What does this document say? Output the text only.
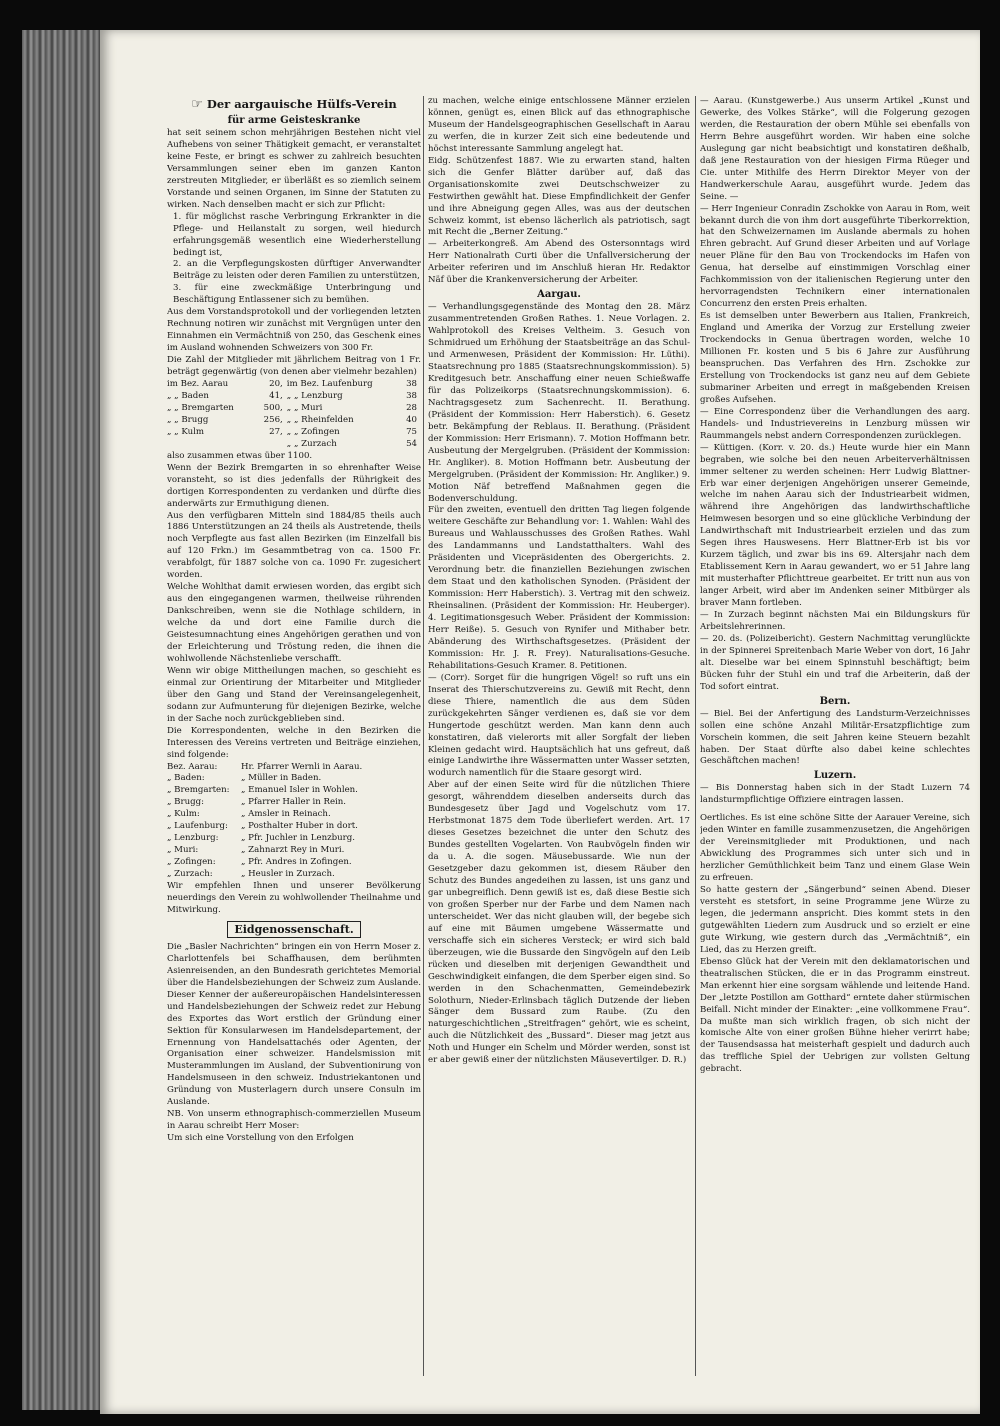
☞ Der aargauische Hülfs-Verein
für arme Geisteskranke

hat seit seinem schon mehrjährigen Bestehen nicht viel Aufhebens von seiner Thätigkeit gemacht, er veranstaltet keine Feste, er bringt es schwer zu zahlreich besuchten Versammlungen seiner eben im ganzen Kanton zerstreuten Mitglieder, er überläßt es so ziemlich seinem Vorstande und seinen Organen, im Sinne der Statuten zu wirken. Nach denselben macht er sich zur Pflicht:

1. für möglichst rasche Verbringung Erkrankter in die Pflege- und Heilanstalt zu sorgen, weil hiedurch erfahrungsgemäß wesentlich eine Wiederherstellung bedingt ist,

2. an die Verpflegungskosten dürftiger Anverwandter Beiträge zu leisten oder deren Familien zu unterstützen,

3. für eine zweckmäßige Unterbringung und Beschäftigung Entlassener sich zu bemühen.

Aus dem Vorstandsprotokoll und der vorliegenden letzten Rechnung notiren wir zunächst mit Vergnügen unter den Einnahmen ein Vermächtniß von 250, das Geschenk eines im Ausland wohnenden Schweizers von 300 Fr.

Die Zahl der Mitglieder mit jährlichem Beitrag von 1 Fr. beträgt gegenwärtig (von denen aber vielmehr bezahlen)

im Bez. Aarau	20,	im Bez. Laufenburg	38
„ „ Baden	41,	„ „ Lenzburg	38
„ „ Bremgarten	500,	„ „ Muri	28
„ „ Brugg	256,	„ „ Rheinfelden	40
„ „ Kulm	27,	„ „ Zofingen	75
		„ „ Zurzach	54

also zusammen etwas über 1100.

Wenn der Bezirk Bremgarten in so ehrenhafter Weise voransteht, so ist dies jedenfalls der Rührigkeit des dortigen Korrespondenten zu verdanken und dürfte dies anderwärts zur Ermuthigung dienen.

Aus den verfügbaren Mitteln sind 1884/85 theils auch 1886 Unterstützungen an 24 theils als Austretende, theils noch Verpflegte aus fast allen Bezirken (im Einzelfall bis auf 120 Frkn.) im Gesammtbetrag von ca. 1500 Fr. verabfolgt, für 1887 solche von ca. 1090 Fr. zugesichert worden.

Welche Wohlthat damit erwiesen worden, das ergibt sich aus den eingegangenen warmen, theilweise rührenden Dankschreiben, wenn sie die Nothlage schildern, in welche da und dort eine Familie durch die Geistesumnachtung eines Angehörigen gerathen und von der Erleichterung und Tröstung reden, die ihnen die wohlwollende Nächstenliebe verschafft.

Wenn wir obige Mittheilungen machen, so geschieht es einmal zur Orientirung der Mitarbeiter und Mitglieder über den Gang und Stand der Vereinsangelegenheit, sodann zur Aufmunterung für diejenigen Bezirke, welche in der Sache noch zurückgeblieben sind.

Die Korrespondenten, welche in den Bezirken die Interessen des Vereins vertreten und Beiträge einziehen, sind folgende:

Bez. Aarau:	Hr. Pfarrer Wernli in Aarau.
„ Baden:	„ Müller in Baden.
„ Bremgarten:	„ Emanuel Isler in Wohlen.
„ Brugg:	„ Pfarrer Haller in Rein.
„ Kulm:	„ Amsler in Reinach.
„ Laufenburg:	„ Posthalter Huber in dort.
„ Lenzburg:	„ Pfr. Juchler in Lenzburg.
„ Muri:	„ Zahnarzt Rey in Muri.
„ Zofingen:	„ Pfr. Andres in Zofingen.
„ Zurzach:	„ Heusler in Zurzach.

Wir empfehlen Ihnen und unserer Bevölkerung neuerdings den Verein zu wohlwollender Theilnahme und Mitwirkung.

Eidgenossenschaft.

Die „Basler Nachrichten“ bringen ein von Herrn Moser z. Charlottenfels bei Schaffhausen, dem berühmten Asienreisenden, an den Bundesrath gerichtetes Memorial über die Handelsbeziehungen der Schweiz zum Auslande. Dieser Kenner der außereuropäischen Handelsinteressen und Handelsbeziehungen der Schweiz redet zur Hebung des Exportes das Wort erstlich der Gründung einer Sektion für Konsularwesen im Handelsdepartement, der Ernennung von Handelsattachés oder Agenten, der Organisation einer schweizer. Handelsmission mit Musterammlungen im Ausland, der Subventionirung von Handelsmuseen in den schweiz. Industriekantonen und Gründung von Musterlagern durch unsere Consuln im Auslande.

NB. Von unserm ethnographisch-commerziellen Museum in Aarau schreibt Herr Moser:

Um sich eine Vorstellung von den Erfolgen

zu machen, welche einige entschlossene Männer erzielen können, genügt es, einen Blick auf das ethnographische Museum der Handelsgeographischen Gesellschaft in Aarau zu werfen, die in kurzer Zeit sich eine bedeutende und höchst interessante Sammlung angelegt hat.

Eidg. Schützenfest 1887. Wie zu erwarten stand, halten sich die Genfer Blätter darüber auf, daß das Organisationskomite zwei Deutschschweizer zu Festwirthen gewählt hat. Diese Empfindlichkeit der Genfer und ihre Abneigung gegen Alles, was aus der deutschen Schweiz kommt, ist ebenso lächerlich als patriotisch, sagt mit Recht die „Berner Zeitung.“

— Arbeiterkongreß. Am Abend des Ostersonntags wird Herr Nationalrath Curti über die Unfallversicherung der Arbeiter referiren und im Anschluß hieran Hr. Redaktor Näf über die Krankenversicherung der Arbeiter.

Aargau.

— Verhandlungsgegenstände des Montag den 28. März zusammentretenden Großen Rathes. 1. Neue Vorlagen. 2. Wahlprotokoll des Kreises Veltheim. 3. Gesuch von Schmidrued um Erhöhung der Staatsbeiträge an das Schul- und Armenwesen, Präsident der Kommission: Hr. Lüthi). Staatsrechnung pro 1885 (Staatsrechnungskommission). 5) Kreditgesuch betr. Anschaffung einer neuen Schießwaffe für das Polizeikorps (Staatsrechnungskommission). 6. Nachtragsgesetz zum Sachenrecht. II. Berathung. (Präsident der Kommission: Herr Haberstich). 6. Gesetz betr. Bekämpfung der Reblaus. II. Berathung. (Präsident der Kommission: Herr Erismann). 7. Motion Hoffmann betr. Ausbeutung der Mergelgruben. (Präsident der Kommission: Hr. Angliker). 8. Motion Hoffmann betr. Ausbeutung der Mergelgruben. (Präsident der Kommission: Hr. Angliker.) 9. Motion Näf betreffend Maßnahmen gegen die Bodenverschuldung.

Für den zweiten, eventuell den dritten Tag liegen folgende weitere Geschäfte zur Behandlung vor: 1. Wahlen: Wahl des Bureaus und Wahlausschusses des Großen Rathes. Wahl des Landammanns und Landstatthalters. Wahl des Präsidenten und Vicepräsidenten des Obergerichts. 2. Verordnung betr. die finanziellen Beziehungen zwischen dem Staat und den katholischen Synoden. (Präsident der Kommission: Herr Haberstich). 3. Vertrag mit den schweiz. Rheinsalinen. (Präsident der Kommission: Hr. Heuberger). 4. Legitimationsgesuch Weber. Präsident der Kommission: Herr Reiße). 5. Gesuch von Rynifer und Mithaber betr. Abänderung des Wirthschaftsgesetzes. (Präsident der Kommission: Hr. J. R. Frey). Naturalisations-Gesuche. Rehabilitations-Gesuch Kramer. 8. Petitionen.

— (Corr). Sorget für die hungrigen Vögel! so ruft uns ein Inserat des Thierschutzvereins zu. Gewiß mit Recht, denn diese Thiere, namentlich die aus dem Süden zurückgekehrten Sänger verdienen es, daß sie vor dem Hungertode geschützt werden. Man kann denn auch konstatiren, daß vielerorts mit aller Sorgfalt der lieben Kleinen gedacht wird. Hauptsächlich hat uns gefreut, daß einige Landwirthe ihre Wässermatten unter Wasser setzten, wodurch namentlich für die Staare gesorgt wird.

Aber auf der einen Seite wird für die nützlichen Thiere gesorgt, währenddem dieselben anderseits durch das Bundesgesetz über Jagd und Vogelschutz vom 17. Herbstmonat 1875 dem Tode überliefert werden. Art. 17 dieses Gesetzes bezeichnet die unter den Schutz des Bundes gestellten Vogelarten. Von Raubvögeln finden wir da u. A. die sogen. Mäusebussarde. Wie nun der Gesetzgeber dazu gekommen ist, diesem Räuber den Schutz des Bundes angedeihen zu lassen, ist uns ganz und gar unbegreiflich. Denn gewiß ist es, daß diese Bestie sich von großen Sperber nur der Farbe und dem Namen nach unterscheidet. Wer das nicht glauben will, der begebe sich auf eine mit Bäumen umgebene Wässermatte und verschaffe sich ein sicheres Versteck; er wird sich bald überzeugen, wie die Bussarde den Singvögeln auf den Leib rücken und dieselben mit derjenigen Gewandtheit und Geschwindigkeit einfangen, die dem Sperber eigen sind. So werden in den Schachenmatten, Gemeindebezirk Solothurn, Nieder-Erlinsbach täglich Dutzende der lieben Sänger dem Bussard zum Raube. (Zu den naturgeschichtlichen „Streitfragen“ gehört, wie es scheint, auch die Nützlichkeit des „Bussard“. Dieser mag jetzt aus Noth und Hunger ein Schelm und Mörder werden, sonst ist er aber gewiß einer der nützlichsten Mäusevertilger. D. R.)

— Aarau. (Kunstgewerbe.) Aus unserm Artikel „Kunst und Gewerke, des Volkes Stärke“, will die Folgerung gezogen werden, die Restauration der obern Mühle sei ebenfalls von Herrn Behre ausgeführt worden. Wir haben eine solche Auslegung gar nicht beabsichtigt und konstatiren deßhalb, daß jene Restauration von der hiesigen Firma Rüeger und Cie. unter Mithilfe des Herrn Direktor Meyer von der Handwerkerschule Aarau, ausgeführt wurde. Jedem das Seine. —

— Herr Ingenieur Conradin Zschokke von Aarau in Rom, weit bekannt durch die von ihm dort ausgeführte Tiberkorrektion, hat den Schweizernamen im Auslande abermals zu hohen Ehren gebracht. Auf Grund dieser Arbeiten und auf Vorlage neuer Pläne für den Bau von Trockendocks im Hafen von Genua, hat derselbe auf einstimmigen Vorschlag einer Fachkommission von der italienischen Regierung unter den hervorragendsten Technikern einer internationalen Concurrenz den ersten Preis erhalten.

Es ist demselben unter Bewerbern aus Italien, Frankreich, England und Amerika der Vorzug zur Erstellung zweier Trockendocks in Genua übertragen worden, welche 10 Millionen Fr. kosten und 5 bis 6 Jahre zur Ausführung beanspruchen. Das Verfahren des Hrn. Zschokke zur Erstellung von Trockendocks ist ganz neu auf dem Gebiete submariner Arbeiten und erregt in maßgebenden Kreisen großes Aufsehen.

— Eine Correspondenz über die Verhandlungen des aarg. Handels- und Industrievereins in Lenzburg müssen wir Raummangels nebst andern Correspondenzen zurücklegen.

— Küttigen. (Korr. v. 20. ds.) Heute wurde hier ein Mann begraben, wie solche bei den neuen Arbeiterverhältnissen immer seltener zu werden scheinen: Herr Ludwig Blattner-Erb war einer derjenigen Angehörigen unserer Gemeinde, welche im nahen Aarau sich der Industriearbeit widmen, während ihre Angehörigen das landwirthschaftliche Heimwesen besorgen und so eine glückliche Verbindung der Landwirthschaft mit Industriearbeit erzielen und das zum Segen ihres Hauswesens. Herr Blattner-Erb ist bis vor Kurzem täglich, und zwar bis ins 69. Altersjahr nach dem Etablissement Kern in Aarau gewandert, wo er 51 Jahre lang mit musterhafter Pflichttreue gearbeitet. Er tritt nun aus von langer Arbeit, wird aber im Andenken seiner Mitbürger als braver Mann fortleben.

— In Zurzach beginnt nächsten Mai ein Bildungskurs für Arbeitslehrerinnen.

— 20. ds. (Polizeibericht). Gestern Nachmittag verunglückte in der Spinnerei Spreitenbach Marie Weber von dort, 16 Jahr alt. Dieselbe war bei einem Spinnstuhl beschäftigt; beim Bücken fuhr der Stuhl ein und traf die Arbeiterin, daß der Tod sofort eintrat.

Bern.

— Biel. Bei der Anfertigung des Landsturm-Verzeichnisses sollen eine schöne Anzahl Militär-Ersatzpflichtige zum Vorschein kommen, die seit Jahren keine Steuern bezahlt haben. Der Staat dürfte also dabei keine schlechtes Geschäftchen machen!

Luzern.

— Bis Donnerstag haben sich in der Stadt Luzern 74 landsturmpflichtige Offiziere eintragen lassen.

Oertliches. Es ist eine schöne Sitte der Aarauer Vereine, sich jeden Winter en famille zusammenzusetzen, die Angehörigen der Vereinsmitglieder mit Produktionen, und nach Abwicklung des Programmes sich unter sich und in herzlicher Gemüthlichkeit beim Tanz und einem Glase Wein zu erfreuen.

So hatte gestern der „Sängerbund“ seinen Abend. Dieser versteht es stetsfort, in seine Programme jene Würze zu legen, die jedermann anspricht. Dies kommt stets in den gutgewählten Liedern zum Ausdruck und so erzielt er eine gute Wirkung, wie gestern durch das „Vermächtniß“, ein Lied, das zu Herzen greift.

Ebenso Glück hat der Verein mit den deklamatorischen und theatralischen Stücken, die er in das Programm einstreut. Man erkennt hier eine sorgsam wählende und leitende Hand. Der „letzte Postillon am Gotthard“ erntete daher stürmischen Beifall. Nicht minder der Einakter: „eine vollkommene Frau“. Da mußte man sich wirklich fragen, ob sich nicht der komische Alte von einer großen Bühne hieher verirrt habe; der Tausendsassa hat meisterhaft gespielt und dadurch auch das treffliche Spiel der Uebrigen zur vollsten Geltung gebracht.
